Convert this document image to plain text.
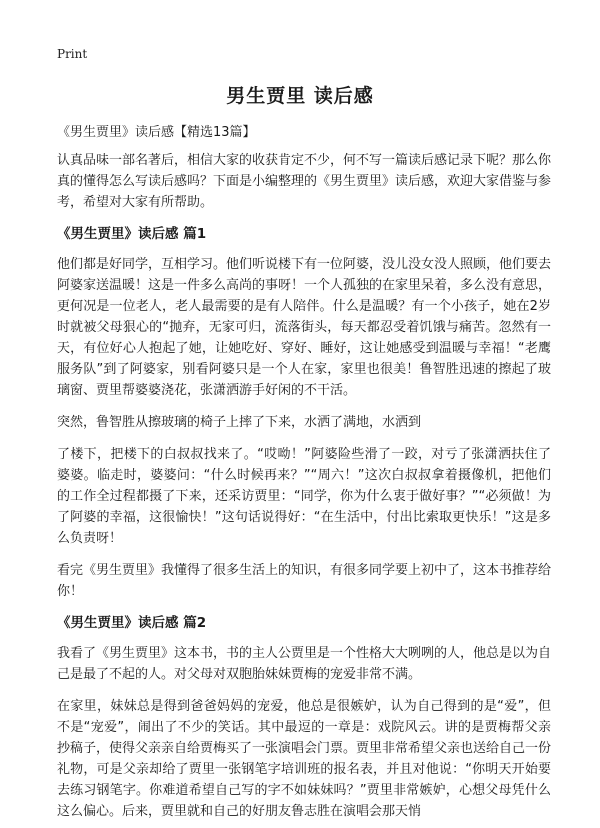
Print
男生贾里 读后感
《男生贾里》读后感【精选13篇】

认真品味一部名著后，相信大家的收获肯定不少，何不写一篇读后感记录下呢？那么你真的懂得怎么写读后感吗？下面是小编整理的《男生贾里》读后感，欢迎大家借鉴与参考，希望对大家有所帮助。

《男生贾里》读后感 篇1

他们都是好同学，互相学习。他们听说楼下有一位阿婆，没儿没女没人照顾，他们要去阿婆家送温暖！这是一件多么高尚的事呀！一个人孤独的在家里呆着，多么没有意思，更何况是一位老人，老人最需要的是有人陪伴。什么是温暖？有一个小孩子，她在2岁时就被父母狠心的“抛弃，无家可归，流落街头，每天都忍受着饥饿与痛苦。忽然有一天，有位好心人抱起了她，让她吃好、穿好、睡好，这让她感受到温暖与幸福！“老鹰服务队”到了阿婆家，别看阿婆只是一个人在家，家里也很美！鲁智胜迅速的擦起了玻璃窗、贾里帮婆婆浇花，张潇洒游手好闲的不干活。

突然，鲁智胜从擦玻璃的椅子上摔了下来，水洒了满地，水洒到

了楼下，把楼下的白叔叔找来了。“哎呦！”阿婆险些滑了一跤，对亏了张潇洒扶住了婆婆。临走时，婆婆问：“什么时候再来？”“周六！”这次白叔叔拿着摄像机，把他们的工作全过程都摄了下来，还采访贾里：“同学，你为什么衷于做好事？”“必须做！为了阿婆的幸福，这很愉快！”这句话说得好：“在生活中，付出比索取更快乐！”这是多么负责呀！

看完《男生贾里》我懂得了很多生活上的知识，有很多同学要上初中了，这本书推荐给你！

《男生贾里》读后感 篇2

我看了《男生贾里》这本书，书的主人公贾里是一个性格大大咧咧的人，他总是以为自己是最了不起的人。对父母对双胞胎妹妹贾梅的宠爱非常不满。

在家里，妹妹总是得到爸爸妈妈的宠爱，他总是很嫉妒，认为自己得到的是“爱”，但不是“宠爱”，闹出了不少的笑话。其中最逗的一章是：戏院风云。讲的是贾梅帮父亲抄稿子，使得父亲亲自给贾梅买了一张演唱会门票。贾里非常希望父亲也送给自己一份礼物，可是父亲却给了贾里一张钢笔字培训班的报名表，并且对他说：“你明天开始要去练习钢笔字。你难道希望自己写的字不如妹妹吗？”贾里非常嫉妒，心想父母凭什么这么偏心。后来，贾里就和自己的好朋友鲁志胜在演唱会那天悄
